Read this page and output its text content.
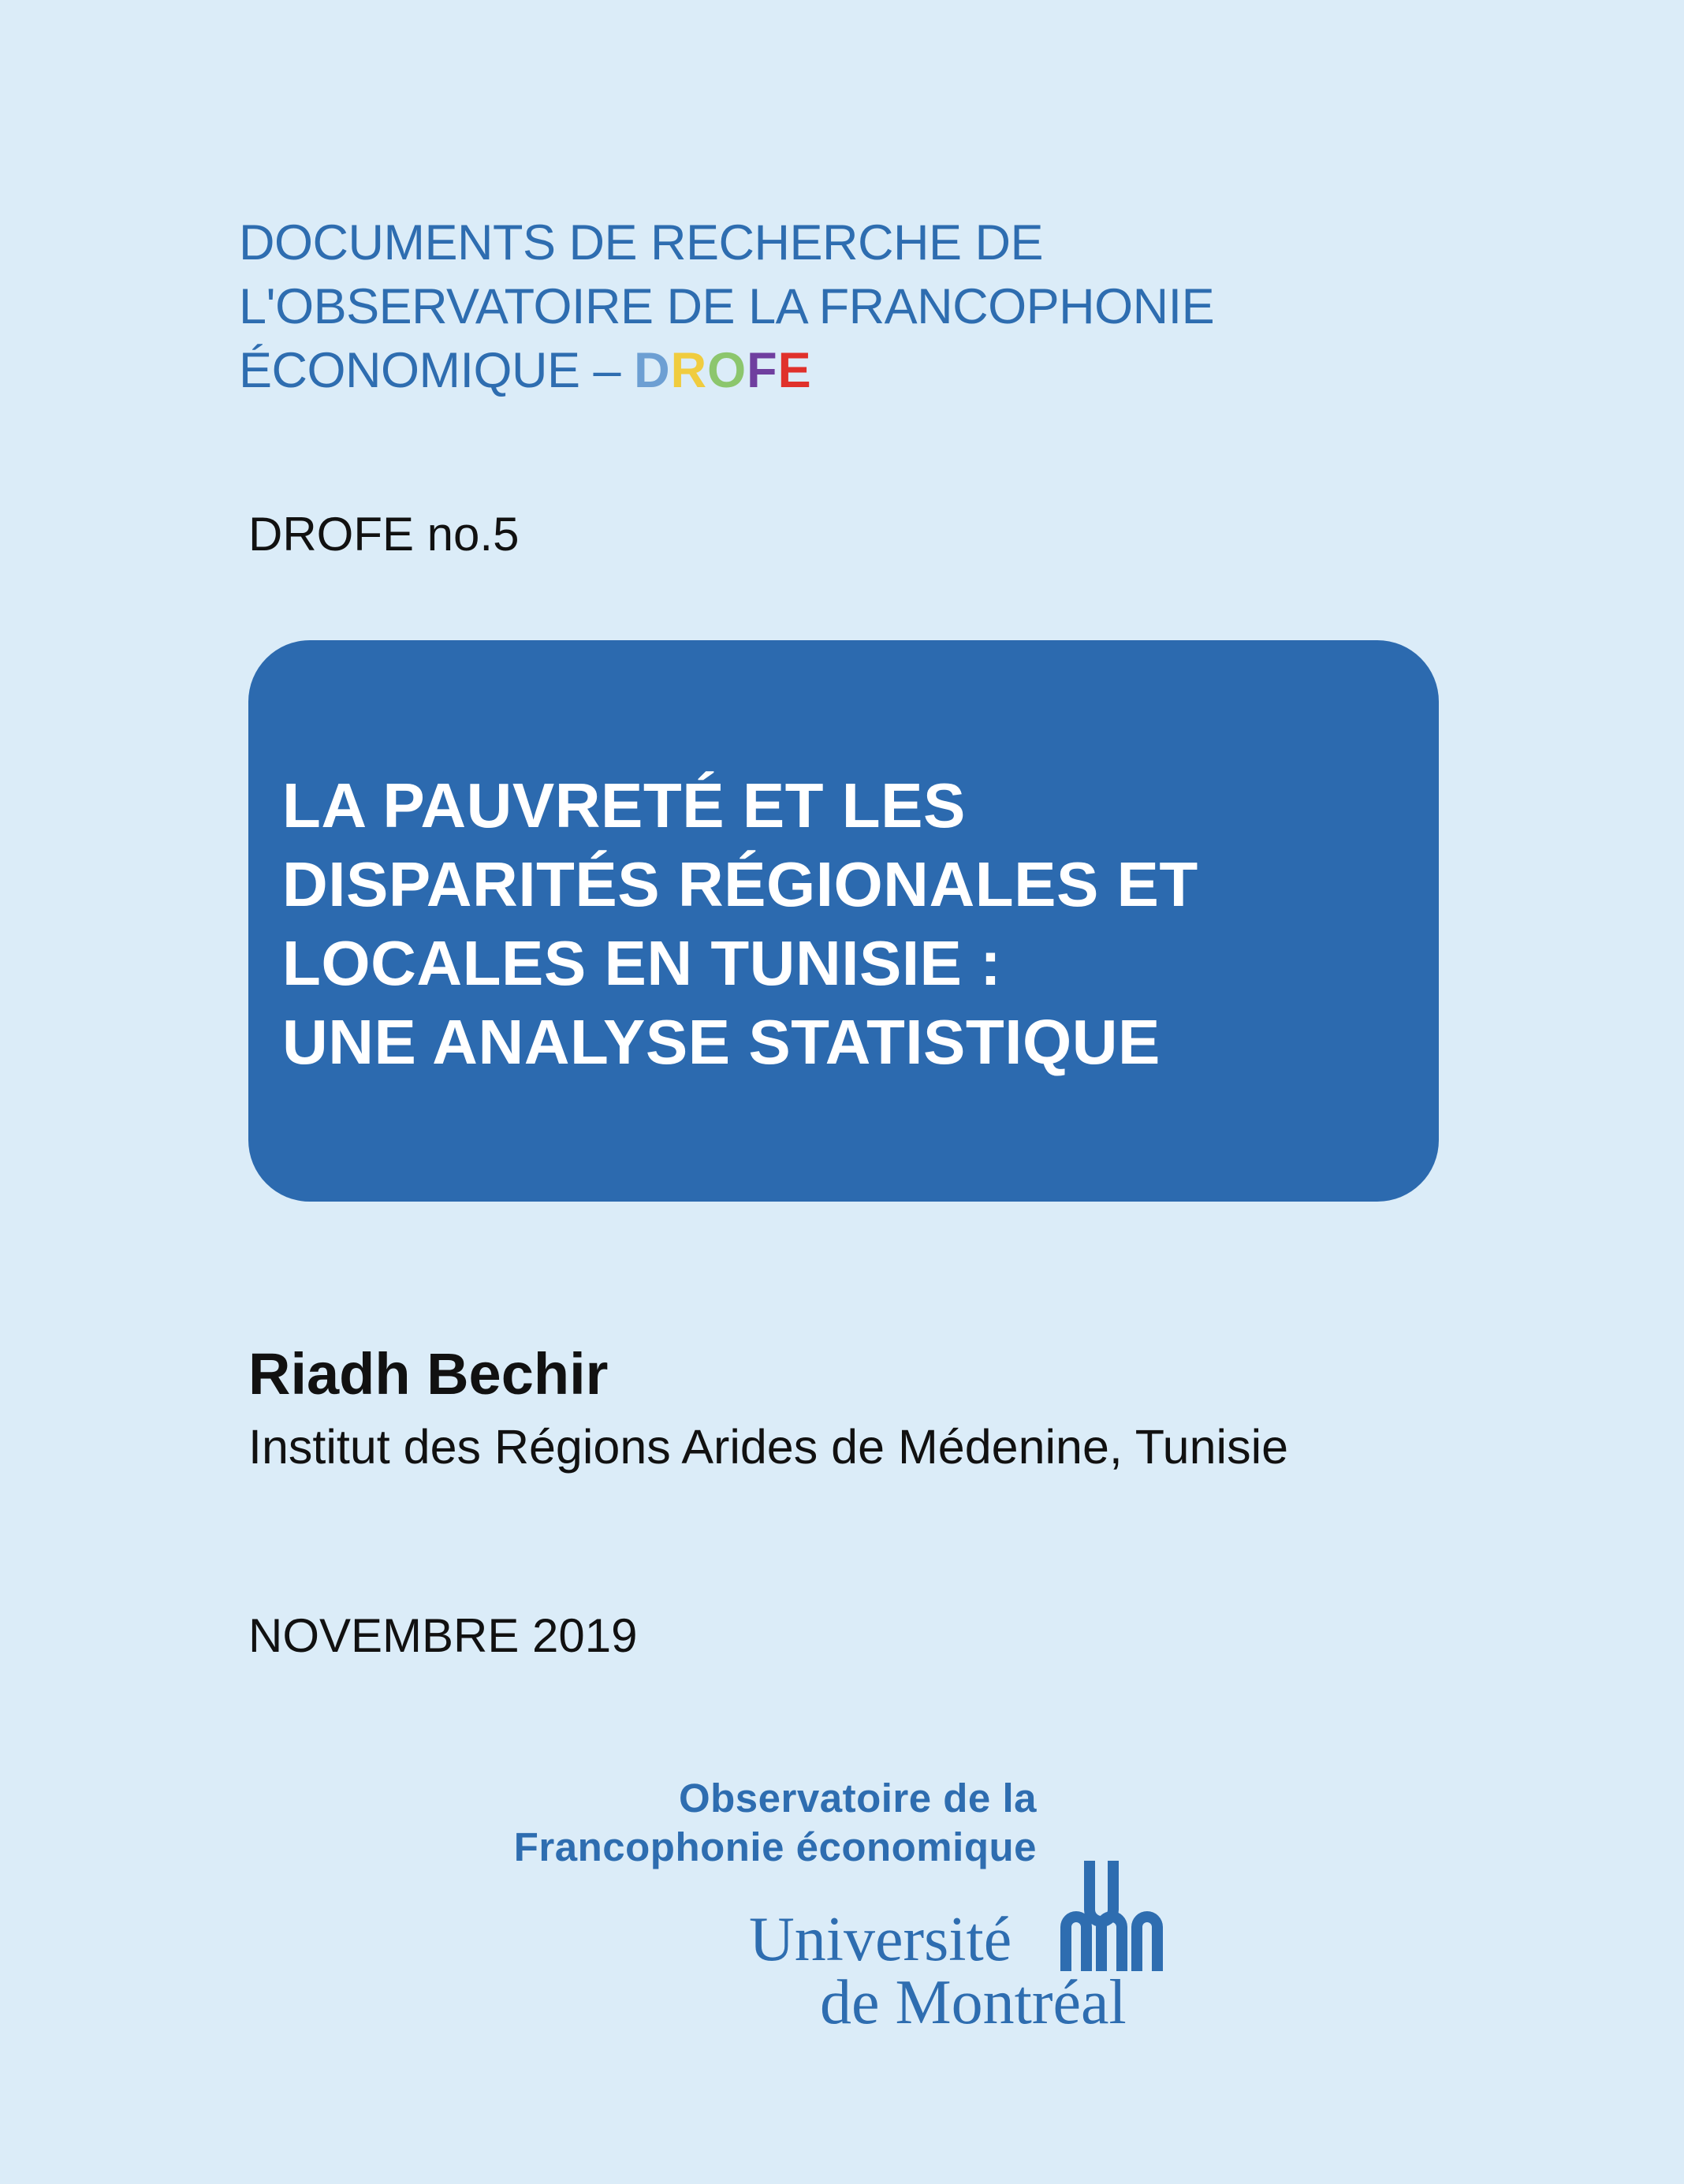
DOCUMENTS DE RECHERCHE DE
L'OBSERVATOIRE DE LA FRANCOPHONIE
ÉCONOMIQUE – DROFE
DROFE no.5
LA PAUVRETÉ ET LES
DISPARITÉS RÉGIONALES ET
LOCALES EN TUNISIE :
UNE ANALYSE STATISTIQUE
Riadh Bechir
Institut des Régions Arides de Médenine, Tunisie
NOVEMBRE 2019
Observatoire de la
Francophonie économique
Université
de Montréal
